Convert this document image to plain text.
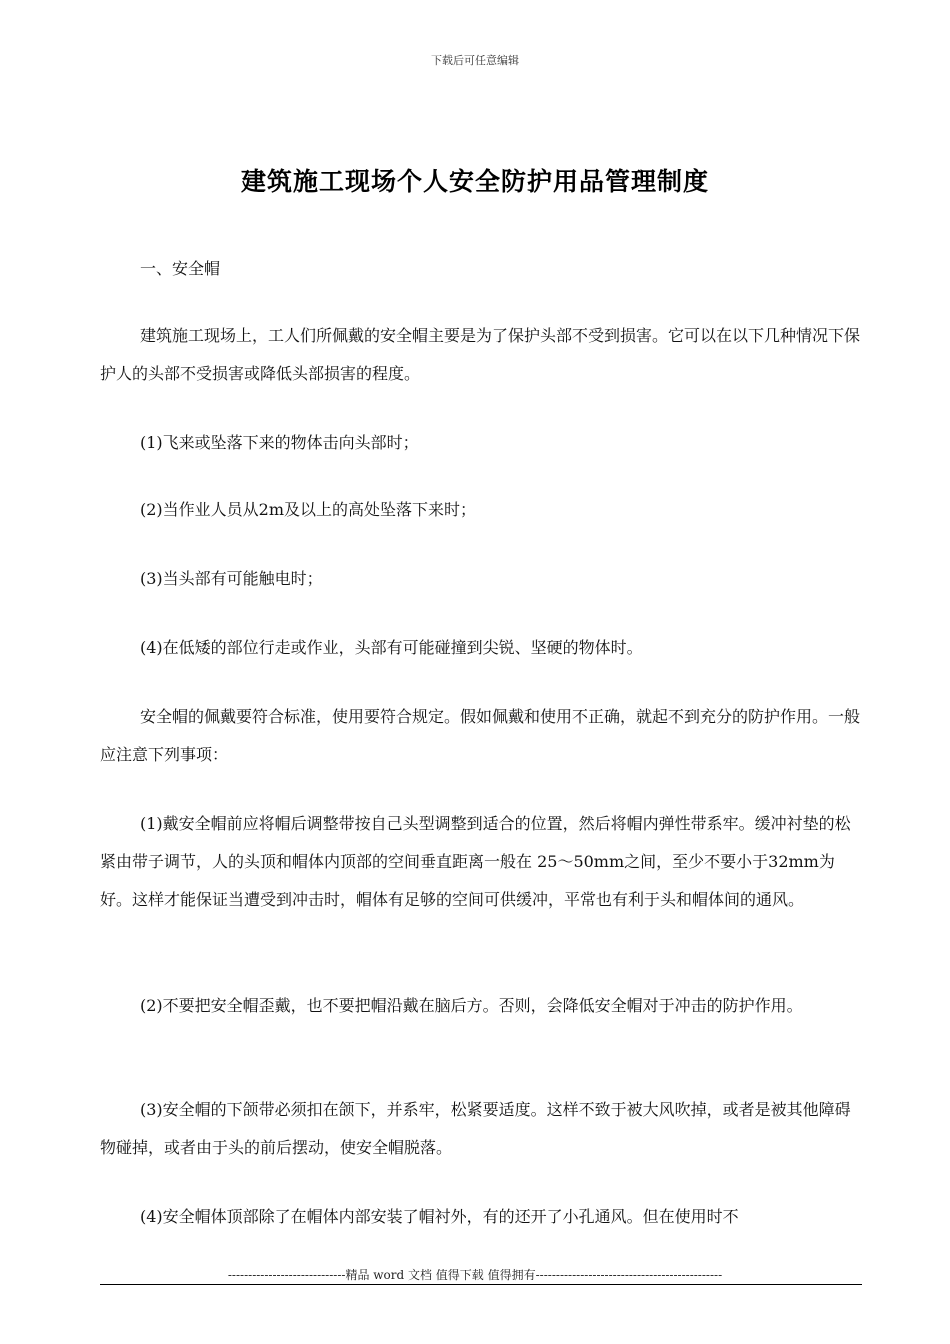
下载后可任意编辑
建筑施工现场个人安全防护用品管理制度

一、安全帽

建筑施工现场上，工人们所佩戴的安全帽主要是为了保护头部不受到损害。它可以在以下几种情况下保护人的头部不受损害或降低头部损害的程度。

(1)飞来或坠落下来的物体击向头部时；

(2)当作业人员从2m及以上的高处坠落下来时；

(3)当头部有可能触电时；

(4)在低矮的部位行走或作业，头部有可能碰撞到尖锐、坚硬的物体时。

安全帽的佩戴要符合标准，使用要符合规定。假如佩戴和使用不正确，就起不到充分的防护作用。一般应注意下列事项：

(1)戴安全帽前应将帽后调整带按自己头型调整到适合的位置，然后将帽内弹性带系牢。缓冲衬垫的松紧由带子调节，人的头顶和帽体内顶部的空间垂直距离一般在 25～50mm之间，至少不要小于32mm为好。这样才能保证当遭受到冲击时，帽体有足够的空间可供缓冲，平常也有利于头和帽体间的通风。

(2)不要把安全帽歪戴，也不要把帽沿戴在脑后方。否则，会降低安全帽对于冲击的防护作用。

(3)安全帽的下颌带必须扣在颌下，并系牢，松紧要适度。这样不致于被大风吹掉，或者是被其他障碍物碰掉，或者由于头的前后摆动，使安全帽脱落。

(4)安全帽体顶部除了在帽体内部安装了帽衬外，有的还开了小孔通风。但在使用时不

-----------------------------精品 word 文档 值得下载 值得拥有----------------------------------------------
